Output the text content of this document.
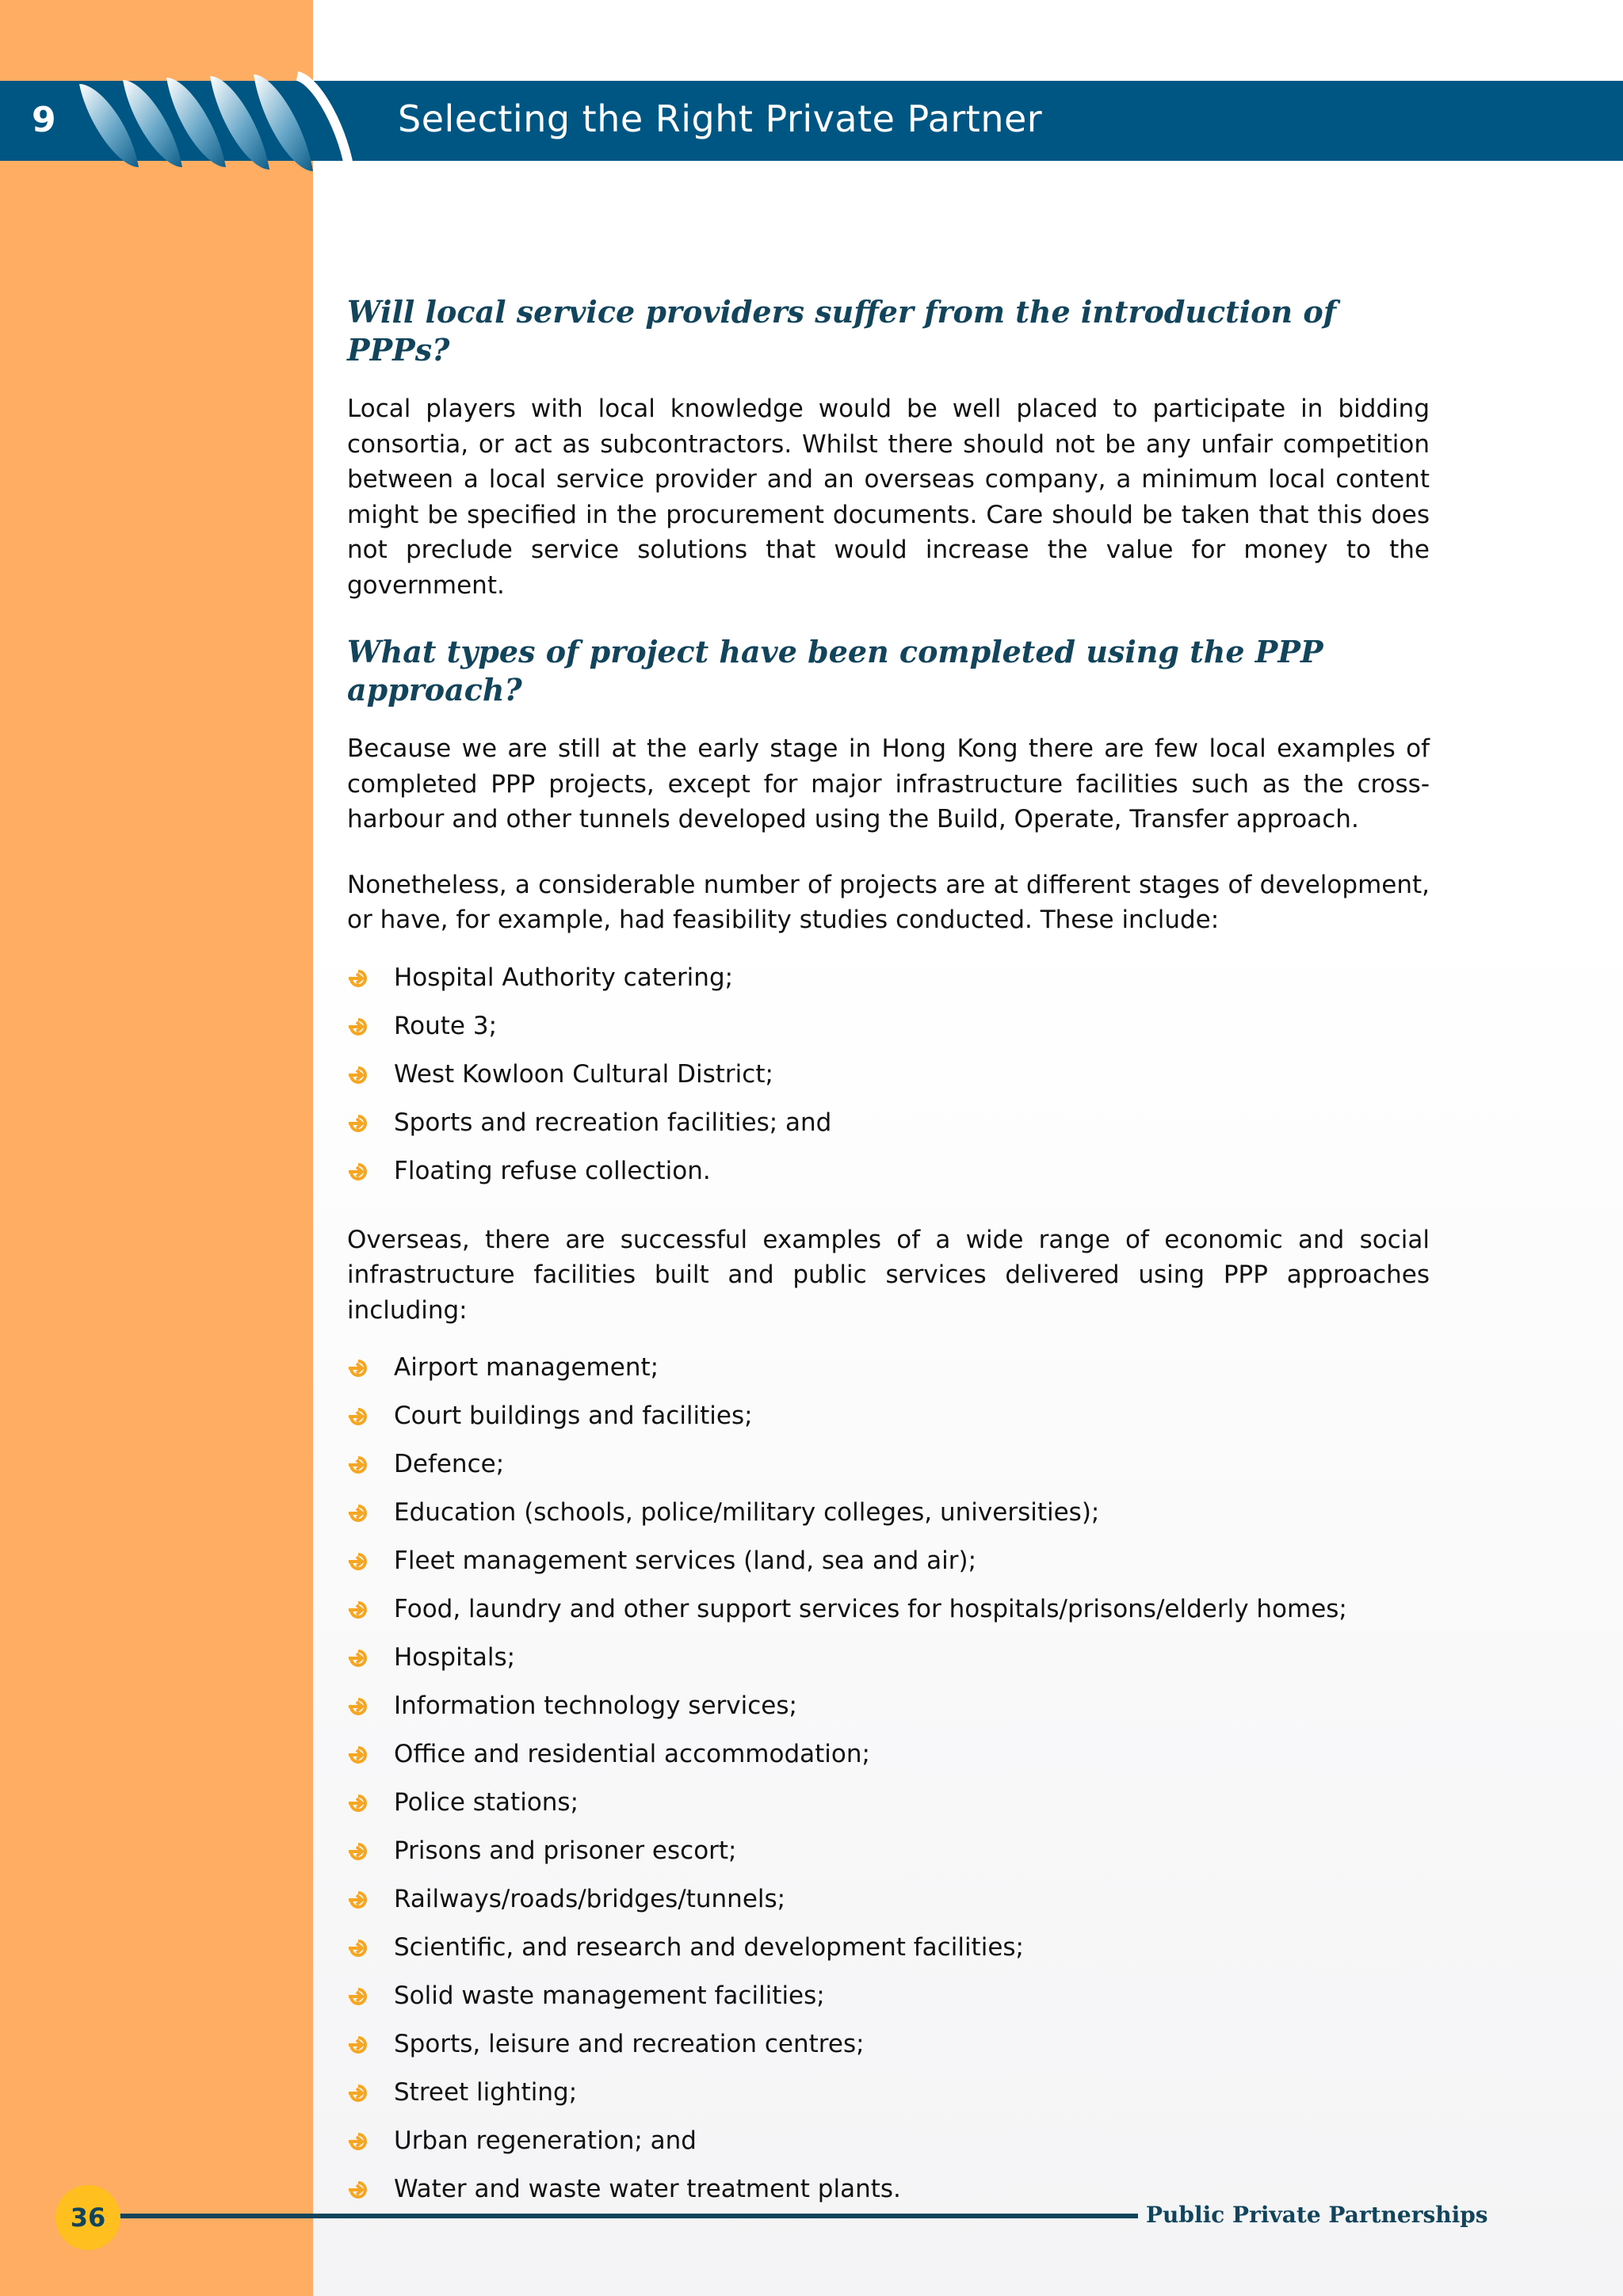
9	Selecting the Right Private Partner
Will local service providers suffer from the introduction of PPPs?

Local players with local knowledge would be well placed to participate in bidding consortia, or act as subcontractors. Whilst there should not be any unfair competition between a local service provider and an overseas company, a minimum local content might be specified in the procurement documents. Care should be taken that this does not preclude service solutions that would increase the value for money to the government.

What types of project have been completed using the PPP approach?

Because we are still at the early stage in Hong Kong there are few local examples of completed PPP projects, except for major infrastructure facilities such as the cross-harbour and other tunnels developed using the Build, Operate, Transfer approach.

Nonetheless, a considerable number of projects are at different stages of development, or have, for example, had feasibility studies conducted. These include:

Hospital Authority catering;
Route 3;
West Kowloon Cultural District;
Sports and recreation facilities; and
Floating refuse collection.

Overseas, there are successful examples of a wide range of economic and social infrastructure facilities built and public services delivered using PPP approaches including:

Airport management;
Court buildings and facilities;
Defence;
Education (schools, police/military colleges, universities);
Fleet management services (land, sea and air);
Food, laundry and other support services for hospitals/prisons/elderly homes;
Hospitals;
Information technology services;
Office and residential accommodation;
Police stations;
Prisons and prisoner escort;
Railways/roads/bridges/tunnels;
Scientific, and research and development facilities;
Solid waste management facilities;
Sports, leisure and recreation centres;
Street lighting;
Urban regeneration; and
Water and waste water treatment plants.
36	Public Private Partnerships
